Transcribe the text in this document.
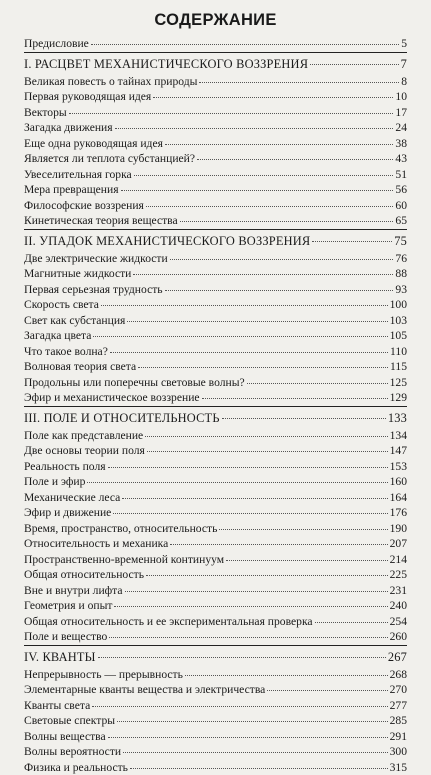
СОДЕРЖАНИЕ
Предисловие	5
I. РАСЦВЕТ МЕХАНИСТИЧЕСКОГО ВОЗЗРЕНИЯ	7
Великая повесть о тайнах природы	8
Первая руководящая идея	10
Векторы	17
Загадка движения	24
Еще одна руководящая идея	38
Является ли теплота субстанцией?	43
Увеселительная горка	51
Мера превращения	56
Философские воззрения	60
Кинетическая теория вещества	65
II. УПАДОК МЕХАНИСТИЧЕСКОГО ВОЗЗРЕНИЯ	75
Две электрические жидкости	76
Магнитные жидкости	88
Первая серьезная трудность	93
Скорость света	100
Свет как субстанция	103
Загадка цвета	105
Что такое волна?	110
Волновая теория света	115
Продольны или поперечны световые волны?	125
Эфир и механистическое воззрение	129
III. ПОЛЕ И ОТНОСИТЕЛЬНОСТЬ	133
Поле как представление	134
Две основы теории поля	147
Реальность поля	153
Поле и эфир	160
Механические леса	164
Эфир и движение	176
Время, пространство, относительность	190
Относительность и механика	207
Пространственно-временной континуум	214
Общая относительность	225
Вне и внутри лифта	231
Геометрия и опыт	240
Общая относительность и ее экспериментальная проверка	254
Поле и вещество	260
IV. КВАНТЫ	267
Непрерывность — прерывность	268
Элементарные кванты вещества и электричества	270
Кванты света	277
Световые спектры	285
Волны вещества	291
Волны вероятности	300
Физика и реальность	315
